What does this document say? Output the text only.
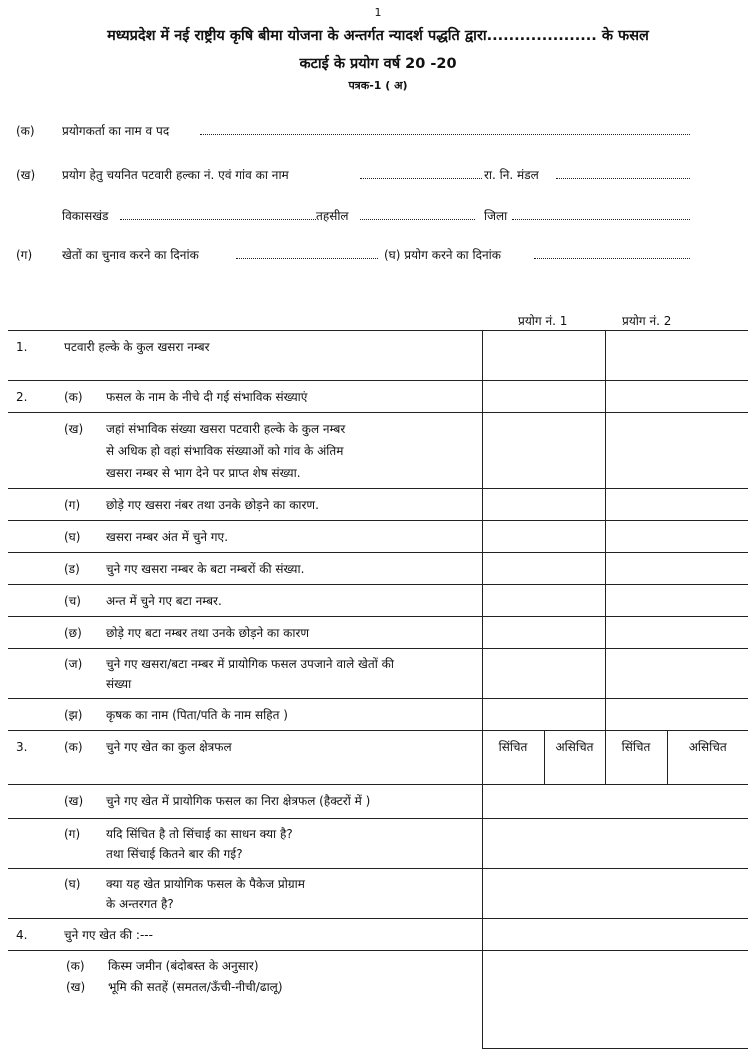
1
मध्यप्रदेश में नई राष्ट्रीय कृषि बीमा योजना के अन्तर्गत न्यादर्श पद्धति द्वारा.................... के फसल
कटाई के प्रयोग वर्ष 20 -20
पत्रक-1 ( अ)
(क) प्रयोगकर्ता का नाम व पद
(ख) प्रयोग हेतु चयनित पटवारी हल्का नं. एवं गांव का नाम	रा. नि. मंडल
विकासखंड	तहसील	जिला
(ग) खेतों का चुनाव करने का दिनांक	(घ) प्रयोग करने का दिनांक
प्रयोग नं. 1	प्रयोग नं. 2
1. पटवारी हल्के के कुल खसरा नम्बर				
2. (क) फसल के नाम के नीचे दी गई संभाविक संख्याएं				
(ख) जहां संभाविक संख्या खसरा पटवारी हल्के के कुल नम्बर
से अधिक हो वहां संभाविक संख्याओं को गांव के अंतिम
खसरा नम्बर से भाग देने पर प्राप्त शेष संख्या.				
(ग) छोड़े गए खसरा नंबर तथा उनके छोड़ने का कारण.				
(घ) खसरा नम्बर अंत में चुने गए.				
(ड) चुने गए खसरा नम्बर के बटा नम्बरों की संख्या.				
(च) अन्त में चुने गए बटा नम्बर.				
(छ) छोड़े गए बटा नम्बर तथा उनके छोड़ने का कारण				
(ज) चुने गए खसरा/बटा नम्बर में प्रायोगिक फसल उपजाने वाले खेतों की
संख्या				
(झ) कृषक का नाम (पिता/पति के नाम सहित )				
3. (क) चुने गए खेत का कुल क्षेत्रफल	सिंचित	असिचित	सिंचित	असिचित
(ख) चुने गए खेत में प्रायोगिक फसल का निरा क्षेत्रफल (हैक्टरों में )				
(ग) यदि सिंचित है तो सिंचाई का साधन क्या है?
तथा सिंचाई कितने बार की गई?				
(घ) क्या यह खेत प्रायोगिक फसल के पैकेज प्रोग्राम
के अन्तरगत है?				
4. चुने गए खेत की :---				
(क) किस्म जमीन (बंदोबस्त के अनुसार)
(ख) भूमि की सतहें (समतल/ऊँची-नीची/ढालू)				
